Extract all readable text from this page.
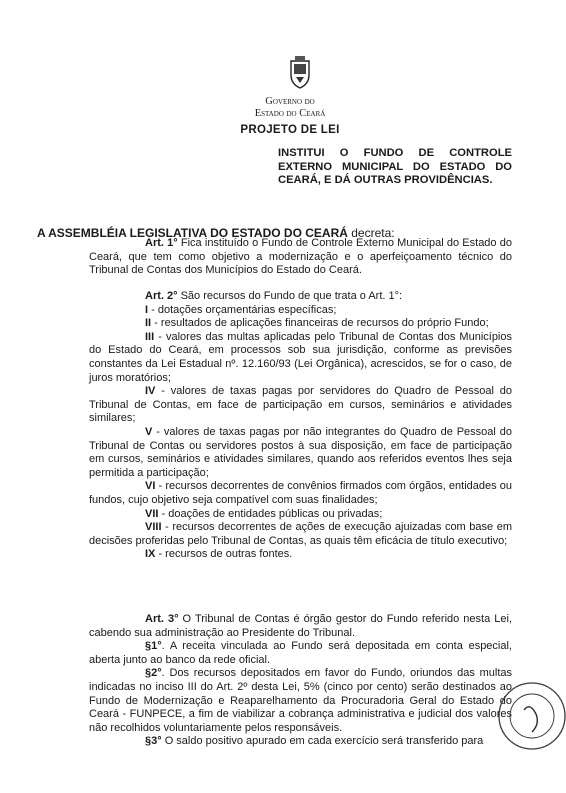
Governo do
Estado do Ceará
PROJETO DE LEI
INSTITUI O FUNDO DE CONTROLE EXTERNO MUNICIPAL DO ESTADO DO CEARÁ, E DÁ OUTRAS PROVIDÊNCIAS.
A ASSEMBLÉIA LEGISLATIVA DO ESTADO DO CEARÁ decreta:

Art. 1° Fica instituído o Fundo de Controle Externo Municipal do Estado do Ceará, que tem como objetivo a modernização e o aperfeiçoamento técnico do Tribunal de Contas dos Municípios do Estado do Ceará.

Art. 2° São recursos do Fundo de que trata o Art. 1°:

I - dotações orçamentárias específicas;

II - resultados de aplicações financeiras de recursos do próprio Fundo;

III - valores das multas aplicadas pelo Tribunal de Contas dos Municípios do Estado do Ceará, em processos sob sua jurisdição, conforme as previsões constantes da Lei Estadual nº. 12.160/93 (Lei Orgânica), acrescidos, se for o caso, de juros moratórios;

IV - valores de taxas pagas por servidores do Quadro de Pessoal do Tribunal de Contas, em face de participação em cursos, seminários e atividades similares;

V - valores de taxas pagas por não integrantes do Quadro de Pessoal do Tribunal de Contas ou servidores postos à sua disposição, em face de participação em cursos, seminários e atividades similares, quando aos referidos eventos lhes seja permitida a participação;

VI - recursos decorrentes de convênios firmados com órgãos, entidades ou fundos, cujo objetivo seja compatível com suas finalidades;

VII - doações de entidades públicas ou privadas;

VIII - recursos decorrentes de ações de execução ajuizadas com base em decisões proferidas pelo Tribunal de Contas, as quais têm eficácia de título executivo;

IX - recursos de outras fontes.

Art. 3° O Tribunal de Contas é órgão gestor do Fundo referido nesta Lei, cabendo sua administração ao Presidente do Tribunal.

§1°. A receita vinculada ao Fundo será depositada em conta especial, aberta junto ao banco da rede oficial.

§2°. Dos recursos depositados em favor do Fundo, oriundos das multas indicadas no inciso III do Art. 2º desta Lei, 5% (cinco por cento) serão destinados ao Fundo de Modernização e Reaparelhamento da Procuradoria Geral do Estado do Ceará - FUNPECE, a fim de viabilizar a cobrança administrativa e judicial dos valores não recolhidos voluntariamente pelos responsáveis.

§3° O saldo positivo apurado em cada exercício será transferido para
